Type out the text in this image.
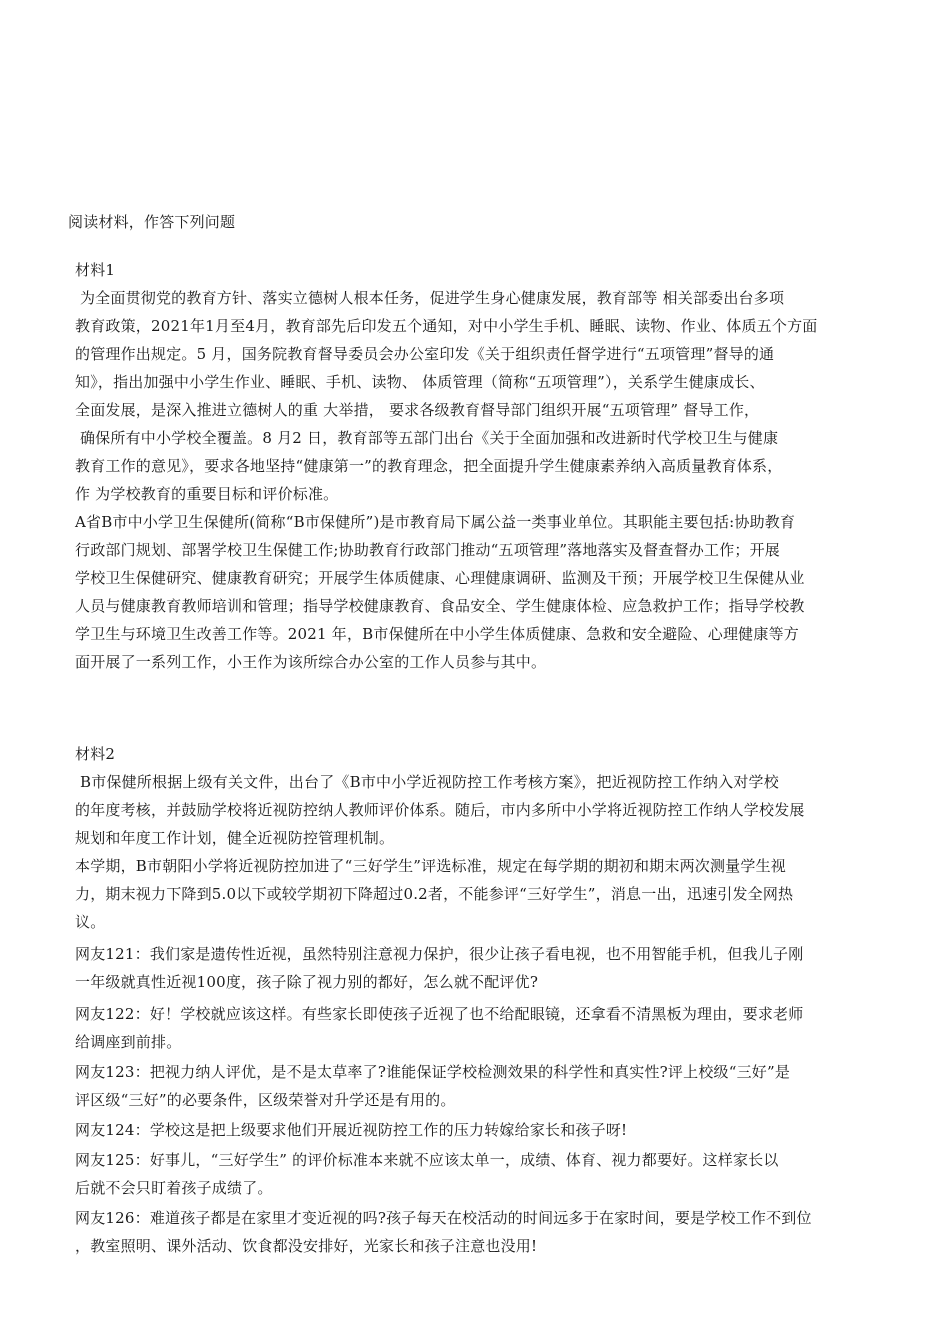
阅读材料，作答下列问题
材料1
为全面贯彻党的教育方针、落实立德树人根本任务，促进学生身心健康发展，教育部等 相关部委出台多项
教育政策，2021年1月至4月，教育部先后印发五个通知，对中小学生手机、睡眠、读物、作业、体质五个方面
的管理作出规定。5 月，国务院教育督导委员会办公室印发《关于组织责任督学进行“五项管理”督导的通
知》，指出加强中小学生作业、睡眠、手机、读物、 体质管理（简称“五项管理”），关系学生健康成长、
全面发展，是深入推进立德树人的重 大举措， 要求各级教育督导部门组织开展“五项管理” 督导工作，
确保所有中小学校全覆盖。8 月2 日，教育部等五部门出台《关于全面加强和改进新时代学校卫生与健康
教育工作的意见》，要求各地坚持“健康第一”的教育理念，把全面提升学生健康素养纳入高质量教育体系，
作 为学校教育的重要目标和评价标准。
A省B市中小学卫生保健所(简称“B市保健所”)是市教育局下属公益一类事业单位。其职能主要包括:协助教育
行政部门规划、部署学校卫生保健工作;协助教育行政部门推动“五项管理”落地落实及督查督办工作；开展
学校卫生保健研究、健康教育研究；开展学生体质健康、心理健康调研、监测及干预；开展学校卫生保健从业
人员与健康教育教师培训和管理；指导学校健康教育、食品安全、学生健康体检、应急救护工作；指导学校教
学卫生与环境卫生改善工作等。2021 年，B市保健所在中小学生体质健康、急救和安全避险、心理健康等方
面开展了一系列工作，小王作为该所综合办公室的工作人员参与其中。
材料2
B市保健所根据上级有关文件，出台了《B市中小学近视防控工作考核方案》，把近视防控工作纳入对学校
的年度考核，并鼓励学校将近视防控纳人教师评价体系。随后，市内多所中小学将近视防控工作纳人学校发展
规划和年度工作计划，健全近视防控管理机制。
本学期，B市朝阳小学将近视防控加进了“三好学生”评选标准，规定在每学期的期初和期末两次测量学生视
力，期末视力下降到5.0以下或较学期初下降超过0.2者，不能参评“三好学生”，消息一出，迅速引发全网热
议。
网友121：我们家是遗传性近视，虽然特别注意视力保护，很少让孩子看电视，也不用智能手机，但我儿子刚
一年级就真性近视100度，孩子除了视力别的都好，怎么就不配评优?
网友122：好！学校就应该这样。有些家长即使孩子近视了也不给配眼镜，还拿看不清黑板为理由，要求老师
给调座到前排。
网友123：把视力纳人评优，是不是太草率了?谁能保证学校检测效果的科学性和真实性?评上校级“三好”是
评区级“三好”的必要条件，区级荣誉对升学还是有用的。
网友124：学校这是把上级要求他们开展近视防控工作的压力转嫁给家长和孩子呀!
网友125：好事儿，“三好学生” 的评价标准本来就不应该太单一，成绩、体育、视力都要好。这样家长以
后就不会只盯着孩子成绩了。
网友126：难道孩子都是在家里才变近视的吗?孩子每天在校活动的时间远多于在家时间，要是学校工作不到位
，教室照明、课外活动、饮食都没安排好，光家长和孩子注意也没用!
